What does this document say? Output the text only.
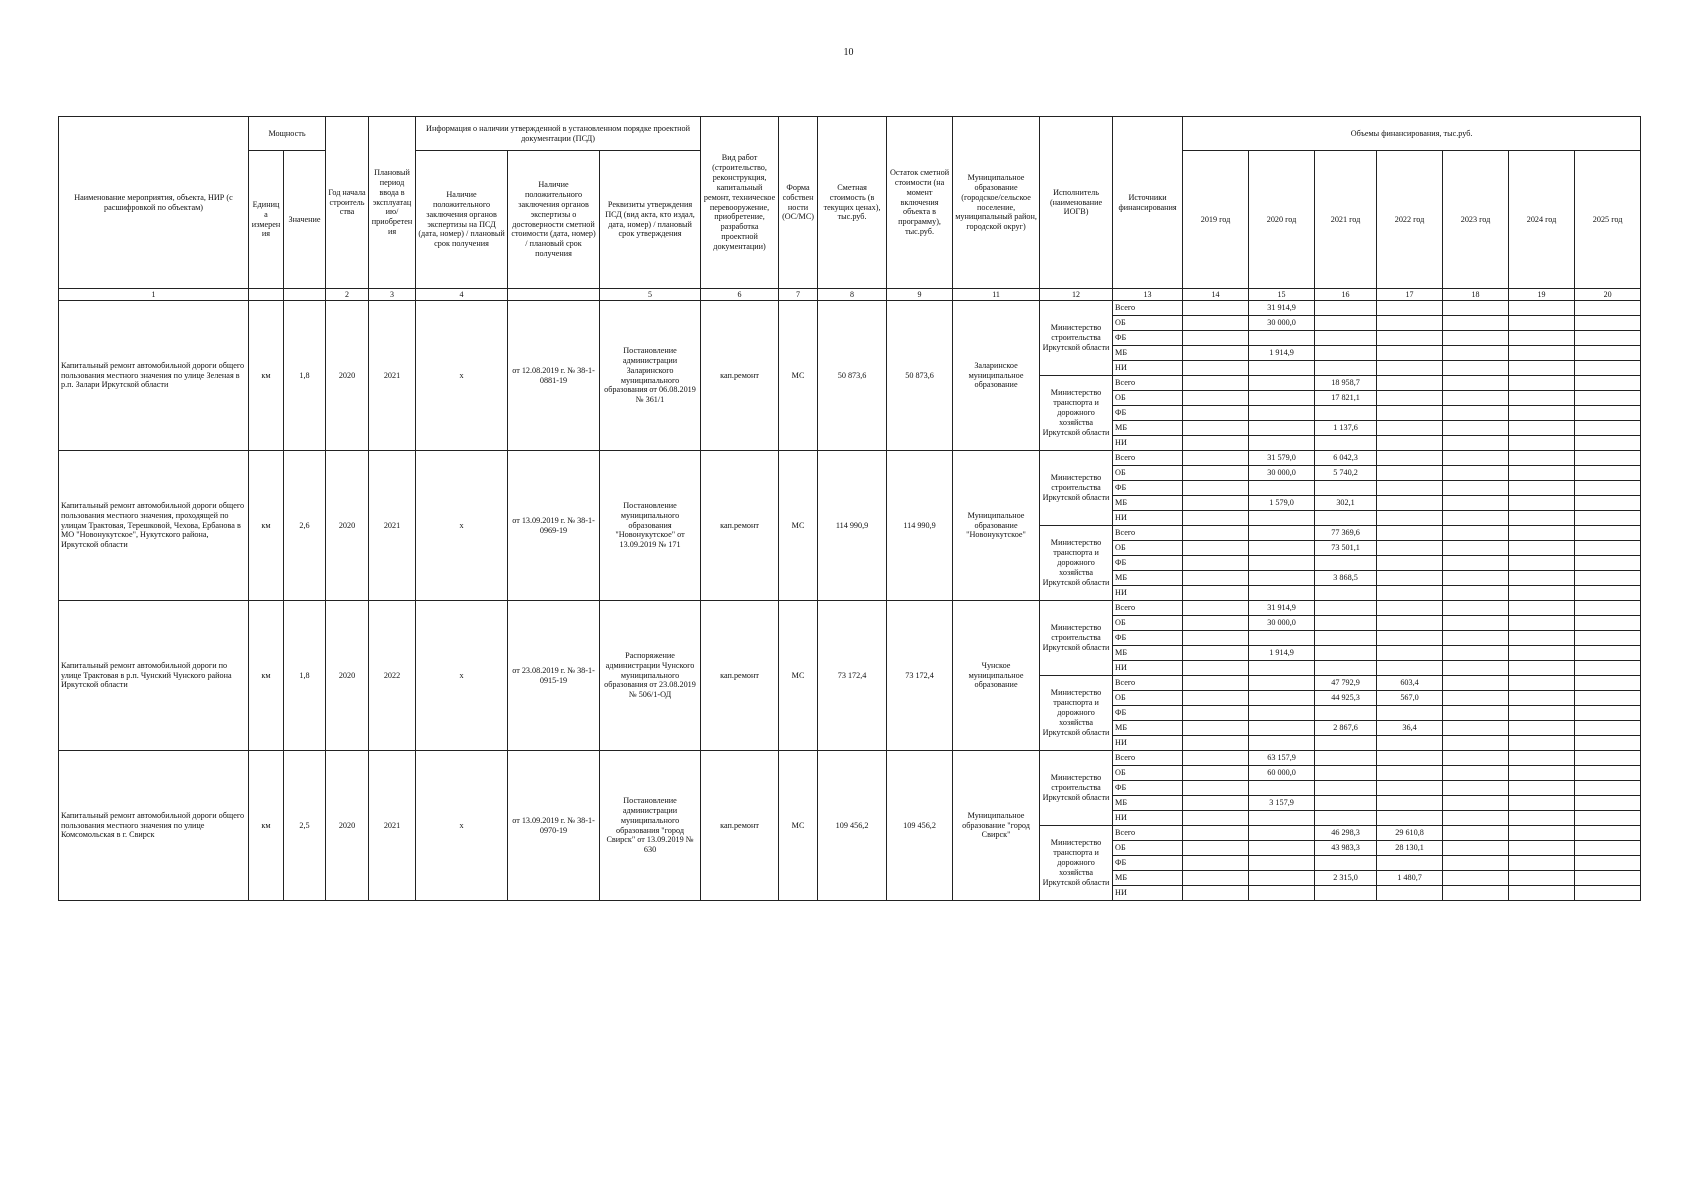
10
Наименование мероприятия, объекта, НИР (с расшифровкой по объектам)	Мощность		Год начала строительства	Плановый период ввода в эксплуатацию/приобретения	Информация о наличии утвержденной в установленном порядке проектной документации (ПСД)			Вид работ (строительство, реконструкция, капитальный ремонт, техническое перевооружение, приобретение, разработка проектной документации)	Форма собственности (ОС/МС)	Сметная стоимость (в текущих ценах), тыс.руб.	Остаток сметной стоимости (на момент включения объекта в программу), тыс.руб.	Муниципальное образование (городское/сельское поселение, муниципальный район, городской округ)	Исполнитель (наименование ИОГВ)	Источники финансирования	Объемы финансирования, тыс.руб.						
	Единица измерения	Значение			Наличие положительного заключения органов экспертизы на ПСД (дата, номер) / плановый срок получения	Наличие положительного заключения органов экспертизы о достоверности сметной стоимости (дата, номер) / плановый срок получения	Реквизиты утверждения ПСД (вид акта, кто издал, дата, номер) / плановый срок утверждения								2019 год	2020 год	2021 год	2022 год	2023 год	2024 год	2025 год
1			2	3	4		5	6	7	8	9	11	12	13	14	15	16	17	18	19	20
Капитальный ремонт автомобильной дороги общего пользования местного значения по улице Зеленая в р.п. Залари Иркутской области	км	1,8	2020	2021	х	от 12.08.2019 г. № 38-1-0881-19	Постановление администрации Заларинского муниципального образования от 06.08.2019 № 361/1	кап.ремонт	МС	50 873,6	50 873,6	Заларинское муниципальное образование	Министерство строительства Иркутской области	Всего		31 914,9					
														ОБ		30 000,0					
														ФБ							
														МБ		1 914,9					
														НИ							
													Министерство транспорта и дорожного хозяйства Иркутской области	Всего			18 958,7				
														ОБ			17 821,1				
														ФБ							
														МБ			1 137,6				
														НИ							
Капитальный ремонт автомобильной дороги общего пользования местного значения, проходящей по улицам Трактовая, Терешковой, Чехова, Ербанова в МО "Новонукутское", Нукутского района, Иркутской области	км	2,6	2020	2021	х	от 13.09.2019 г. № 38-1-0969-19	Постановление муниципального образования "Новонукутское" от 13.09.2019 № 171	кап.ремонт	МС	114 990,9	114 990,9	Муниципальное образование "Новонукутское"	Министерство строительства Иркутской области	Всего		31 579,0	6 042,3				
														ОБ		30 000,0	5 740,2				
														ФБ							
														МБ		1 579,0	302,1				
														НИ							
													Министерство транспорта и дорожного хозяйства Иркутской области	Всего			77 369,6				
														ОБ			73 501,1				
														ФБ							
														МБ			3 868,5				
														НИ							
Капитальный ремонт автомобильной дороги по улице Трактовая в р.п. Чунский Чунского района Иркутской области	км	1,8	2020	2022	х	от 23.08.2019 г. № 38-1-0915-19	Распоряжение администрации Чунского муниципального образования от 23.08.2019 № 506/1-ОД	кап.ремонт	МС	73 172,4	73 172,4	Чунское муниципальное образование	Министерство строительства Иркутской области	Всего		31 914,9					
														ОБ		30 000,0					
														ФБ							
														МБ		1 914,9					
														НИ							
													Министерство транспорта и дорожного хозяйства Иркутской области	Всего			47 792,9	603,4			
														ОБ			44 925,3	567,0			
														ФБ							
														МБ			2 867,6	36,4			
														НИ							
Капитальный ремонт автомобильной дороги общего пользования местного значения по улице Комсомольская в г. Свирск	км	2,5	2020	2021	х	от 13.09.2019 г. № 38-1-0970-19	Постановление администрации муниципального образования "город Свирск" от 13.09.2019 № 630	кап.ремонт	МС	109 456,2	109 456,2	Муниципальное образование "город Свирск"	Министерство строительства Иркутской области	Всего		63 157,9					
														ОБ		60 000,0					
														ФБ							
														МБ		3 157,9					
														НИ							
													Министерство транспорта и дорожного хозяйства Иркутской области	Всего			46 298,3	29 610,8			
														ОБ			43 983,3	28 130,1			
														ФБ							
														МБ			2 315,0	1 480,7			
														НИ							
